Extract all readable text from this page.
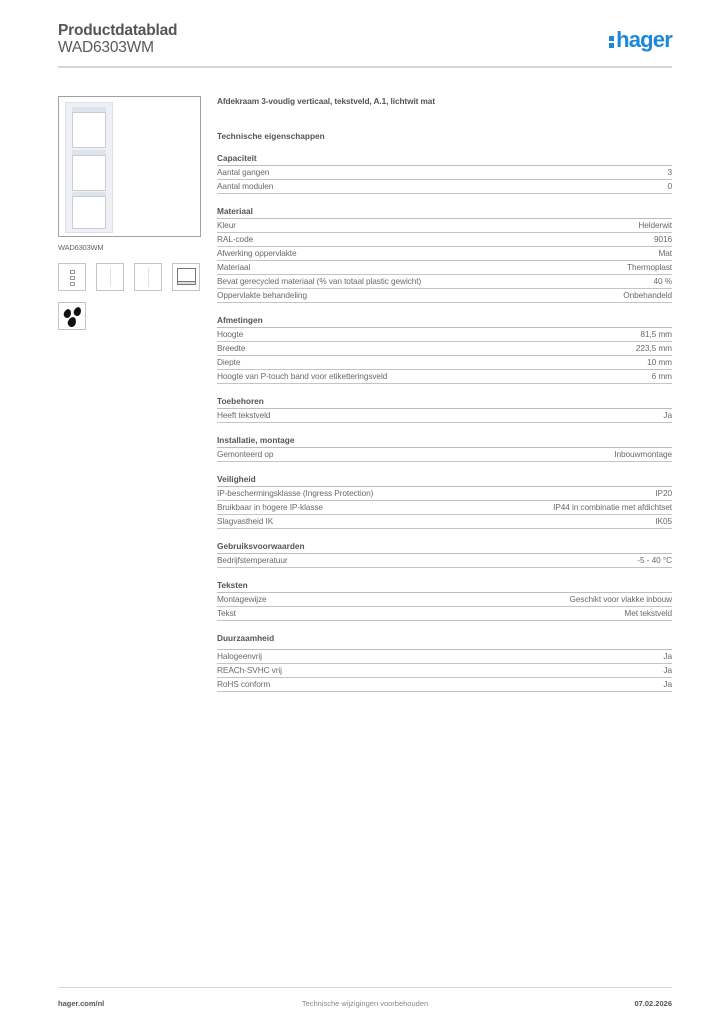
Productdatablad
WAD6303WM	hager
WAD6303WM
Afdekraam 3-voudig verticaal, tekstveld, A.1, lichtwit mat
Technische eigenschappen
Capaciteit
Aantal gangen	3
Aantal modulen	0
Materiaal
Kleur	Helderwit
RAL-code	9016
Afwerking oppervlakte	Mat
Materiaal	Thermoplast
Bevat gerecycled materiaal (% van totaal plastic gewicht)	40 %
Oppervlakte behandeling	Onbehandeld
Afmetingen
Hoogte	81,5 mm
Breedte	223,5 mm
Diepte	10 mm
Hoogte van P-touch band voor etiketteringsveld	6 mm
Toebehoren
Heeft tekstveld	Ja
Installatie, montage
Gemonteerd op	Inbouwmontage
Veiligheid
IP-beschermingsklasse (Ingress Protection)	IP20
Bruikbaar in hogere IP-klasse	IP44 in combinatie met afdichtset
Slagvastheid IK	IK05
Gebruiksvoorwaarden
Bedrijfstemperatuur	-5 - 40 °C
Teksten
Montagewijze	Geschikt voor vlakke inbouw
Tekst	Met tekstveld
Duurzaamheid
Halogeenvrij	Ja
REACh-SVHC vrij	Ja
RoHS conform	Ja
hager.com/nl	Technische wijzigingen voorbehouden	07.02.2026
